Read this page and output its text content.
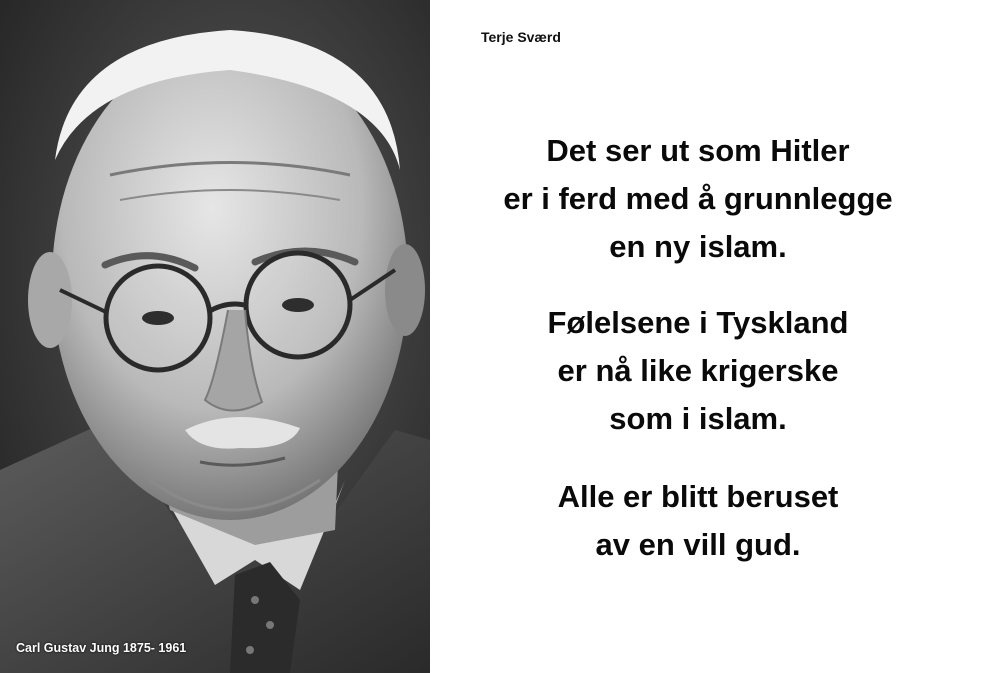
Carl Gustav Jung 1875- 1961
Terje Sværd
Det ser ut som Hitler
er i ferd med å grunnlegge
en ny islam.
Følelsene i Tyskland
er nå like krigerske
som i islam.
Alle er blitt beruset
av en vill gud.
